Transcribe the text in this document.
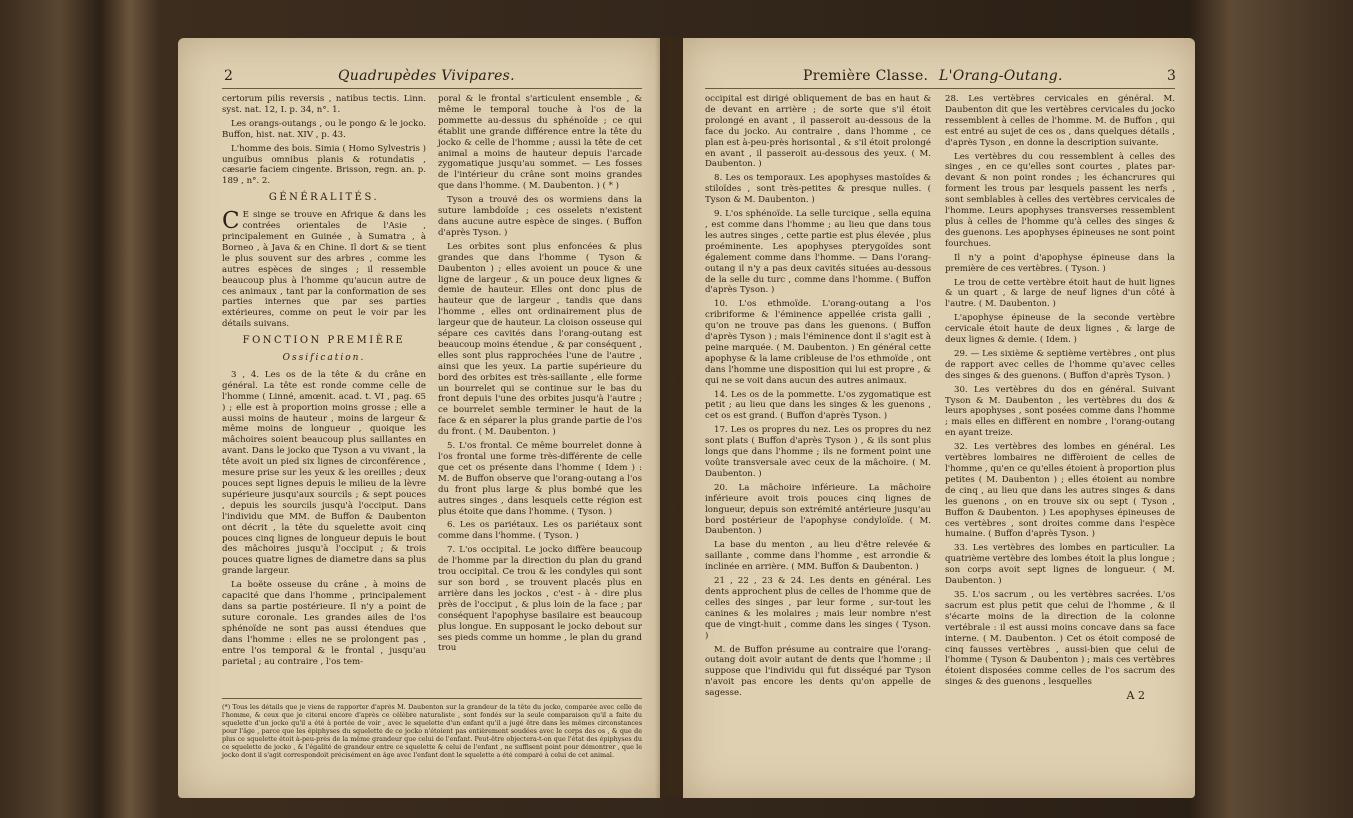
2	Quadrupèdes Vivipares.

certorum pilis reversis , natibus tectis. Linn. syst. nat. 12, I. p. 34, n°. 1.

Les orangs-outangs , ou le pongo & le jocko. Buffon, hist. nat. XIV , p. 43.

L'homme des bois. Simia ( Homo Sylvestris ) unguibus omnibus planis & rotundatis , cæsarie faciem cingente. Brisson, regn. an. p. 189 , n°. 2.

GÉNÉRALITÉS.

C E singe se trouve en Afrique & dans les contrées orientales de l'Asie , principalement en Guinée , à Sumatra , à Borneo , à Java & en Chine. Il dort & se tient le plus souvent sur des arbres , comme les autres espèces de singes ; il ressemble beaucoup plus à l'homme qu'aucun autre de ces animaux , tant par la conformation de ses parties internes que par ses parties extérieures, comme on peut le voir par les détails suivans.

FONCTION PREMIÈRE
Ossification.

3 , 4. Les os de la tête & du crâne en général. La tête est ronde comme celle de l'homme ( Linné, amœnit. acad. t. VI , pag. 65 ) ; elle est à proportion moins grosse ; elle a aussi moins de hauteur , moins de largeur & même moins de longueur , quoique les mâchoires soient beaucoup plus saillantes en avant. Dans le jocko que Tyson a vu vivant , la tête avoit un pied six lignes de circonférence , mesure prise sur les yeux & les oreilles ; deux pouces sept lignes depuis le milieu de la lèvre supérieure jusqu'aux sourcils ; & sept pouces , depuis les sourcils jusqu'à l'occiput. Dans l'individu que MM. de Buffon & Daubenton ont décrit , la tête du squelette avoit cinq pouces cinq lignes de longueur depuis le bout des mâchoires jusqu'à l'occiput ; & trois pouces quatre lignes de diametre dans sa plus grande largeur.

La boëte osseuse du crâne , à moins de capacité que dans l'homme , principalement dans sa partie postérieure. Il n'y a point de suture coronale. Les grandes ailes de l'os sphénoïde ne sont pas aussi étendues que dans l'homme : elles ne se prolongent pas , entre l'os temporal & le frontal , jusqu'au parietal ; au contraire , l'os tem-

poral & le frontal s'articulent ensemble , & même le temporal touche à l'os de la pommette au-dessus du sphénoïde ; ce qui établit une grande différence entre la tête du jocko & celle de l'homme ; aussi la tête de cet animal a moins de hauteur depuis l'arcade zygomatique jusqu'au sommet. — Les fosses de l'intérieur du crâne sont moins grandes que dans l'homme. ( M. Daubenton. ) ( * )

Tyson a trouvé des os wormiens dans la suture lambdoïde ; ces osselets n'existent dans aucune autre espèce de singes. ( Buffon d'après Tyson. )

Les orbites sont plus enfoncées & plus grandes que dans l'homme ( Tyson & Daubenton ) ; elles avoient un pouce & une ligne de largeur , & un pouce deux lignes & demie de hauteur. Elles ont donc plus de hauteur que de largeur , tandis que dans l'homme , elles ont ordinairement plus de largeur que de hauteur. La cloison osseuse qui sépare ces cavités dans l'orang-outang est beaucoup moins étendue , & par conséquent , elles sont plus rapprochées l'une de l'autre , ainsi que les yeux. La partie supérieure du bord des orbites est très-saillante , elle forme un bourrelet qui se continue sur le bas du front depuis l'une des orbites jusqu'à l'autre ; ce bourrelet semble terminer le haut de la face & en séparer la plus grande partie de l'os du front. ( M. Daubenton. )

5. L'os frontal. Ce même bourrelet donne à l'os frontal une forme très-différente de celle que cet os présente dans l'homme ( Idem ) : M. de Buffon observe que l'orang-outang a l'os du front plus large & plus bombé que les autres singes , dans lesquels cette région est plus étoite que dans l'homme. ( Tyson. )

6. Les os pariétaux. Les os pariétaux sont comme dans l'homme. ( Tyson. )

7. L'os occipital. Le jocko diffère beaucoup de l'homme par la direction du plan du grand trou occipital. Ce trou & les condyles qui sont sur son bord , se trouvent placés plus en arrière dans les jockos , c'est - à - dire plus près de l'occiput , & plus loin de la face ; par conséquent l'apophyse basilaire est beaucoup plus longue. En supposant le jocko debout sur ses pieds comme un homme , le plan du grand trou

(*) Tous les détails que je viens de rapporter d'après M. Daubenton sur la grandeur de la tête du jocko, comparée avec celle de l'homme, & ceux que je citerai encore d'après ce célèbre naturaliste , sont fondés sur la seule comparaison qu'il a faite du squelette d'un jocko qu'il a été à portée de voir , avec le squelette d'un enfant qu'il a jugé être dans les mêmes circonstances pour l'âge , parce que les épiphyses du squelette de ce jocko n'étoient pas entièrement soudées avec le corps des os , & que de plus ce squelette étoit à-peu-près de la même grandeur que celui de l'enfant. Peut-être objectera-t-on que l'état des épiphyses du ce squelette de jocko , & l'égalité de grandeur entre ce squelette & celui de l'enfant , ne suffisent point pour démontrer , que le jocko dont il s'agit correspondoit précisément en âge avec l'enfant dont le squelette a été comparé à celui de cet animal.
Première Classe. L'Orang-Outang.	3

occipital est dirigé obliquement de bas en haut & de devant en arrière ; de sorte que s'il étoit prolongé en avant , il passeroit au-dessous de la face du jocko. Au contraire , dans l'homme , ce plan est à-peu-près horisontal , & s'il étoit prolongé en avant , il passeroit au-dessous des yeux. ( M. Daubenton. )

8. Les os temporaux. Les apophyses mastoïdes & stiloïdes , sont très-petites & presque nulles. ( Tyson & M. Daubenton. )

9. L'os sphénoïde. La selle turcique , sella equina , est comme dans l'homme ; au lieu que dans tous les autres singes , cette partie est plus élevée , plus proéminente. Les apophyses pterygoïdes sont également comme dans l'homme. — Dans l'orang-outang il n'y a pas deux cavités situées au-dessous de la selle du turc , comme dans l'homme. ( Buffon d'après Tyson. )

10. L'os ethmoïde. L'orang-outang a l'os cribriforme & l'éminence appellée crista galli , qu'on ne trouve pas dans les guenons. ( Buffon d'après Tyson ) ; mais l'éminence dont il s'agit est à peine marquée. ( M. Daubenton. ) En général cette apophyse & la lame cribleuse de l'os ethmoïde , ont dans l'homme une disposition qui lui est propre , & qui ne se voit dans aucun des autres animaux.

14. Les os de la pommette. L'os zygomatique est petit ; au lieu que dans les singes & les guenons , cet os est grand. ( Buffon d'après Tyson. )

17. Les os propres du nez. Les os propres du nez sont plats ( Buffon d'après Tyson ) , & ils sont plus longs que dans l'homme ; ils ne forment point une voûte transversale avec ceux de la mâchoire. ( M. Daubenton. )

20. La mâchoire inférieure. La mâchoire inférieure avoit trois pouces cinq lignes de longueur, depuis son extrémité antérieure jusqu'au bord postérieur de l'apophyse condyloïde. ( M. Daubenton. )

La base du menton , au lieu d'être relevée & saillante , comme dans l'homme , est arrondie & inclinée en arrière. ( MM. Buffon & Daubenton. )

21 , 22 , 23 & 24. Les dents en général. Les dents approchent plus de celles de l'homme que de celles des singes , par leur forme , sur-tout les canines & les molaires ; mais leur nombre n'est que de vingt-huit , comme dans les singes ( Tyson. )

M. de Buffon présume au contraire que l'orang-outang doit avoir autant de dents que l'homme ; il suppose que l'individu qui fut disséqué par Tyson n'avoit pas encore les dents qu'on appelle de sagesse.

28. Les vertèbres cervicales en général. M. Daubenton dit que les vertèbres cervicales du jocko ressemblent à celles de l'homme. M. de Buffon , qui est entré au sujet de ces os , dans quelques détails , d'après Tyson , en donne la description suivante.

Les vertèbres du cou ressemblent à celles des singes , en ce qu'elles sont courtes , plates par-devant & non point rondes ; les échancrures qui forment les trous par lesquels passent les nerfs , sont semblables à celles des vertèbres cervicales de l'homme. Leurs apophyses transverses ressemblent plus à celles de l'homme qu'à celles des singes & des guenons. Les apophyses épineuses ne sont point fourchues.

Il n'y a point d'apophyse épineuse dans la première de ces vertèbres. ( Tyson. )

Le trou de cette vertèbre étoit haut de huit lignes & un quart , & large de neuf lignes d'un côté à l'autre. ( M. Daubenton. )

L'apophyse épineuse de la seconde vertèbre cervicale étoit haute de deux lignes , & large de deux lignes & demie. ( Idem. )

29. — Les sixième & septième vertèbres , ont plus de rapport avec celles de l'homme qu'avec celles des singes & des guenons. ( Buffon d'après Tyson. )

30. Les vertèbres du dos en général. Suivant Tyson & M. Daubenton , les vertèbres du dos & leurs apophyses , sont posées comme dans l'homme ; mais elles en diffèrent en nombre , l'orang-outang en ayant treize.

32. Les vertèbres des lombes en général. Les vertèbres lombaires ne diffèroient de celles de l'homme , qu'en ce qu'elles étoient à proportion plus petites ( M. Daubenton ) ; elles étoient au nombre de cinq , au lieu que dans les autres singes & dans les guenons , on en trouve six ou sept ( Tyson , Buffon & Daubenton. ) Les apophyses épineuses de ces vertèbres , sont droites comme dans l'espèce humaine. ( Buffon d'après Tyson. )

33. Les vertèbres des lombes en particulier. La quatrième vertèbre des lombes étoit la plus longue ; son corps avoit sept lignes de longueur. ( M. Daubenton. )

35. L'os sacrum , ou les vertèbres sacrées. L'os sacrum est plus petit que celui de l'homme , & il s'écarte moins de la direction de la colonne vertébrale : il est aussi moins concave dans sa face interne. ( M. Daubenton. ) Cet os étoit composé de cinq fausses vertèbres , aussi-bien que celui de l'homme ( Tyson & Daubenton ) ; mais ces vertèbres étoient disposées comme celles de l'os sacrum des singes & des guenons , lesquelles

A 2
